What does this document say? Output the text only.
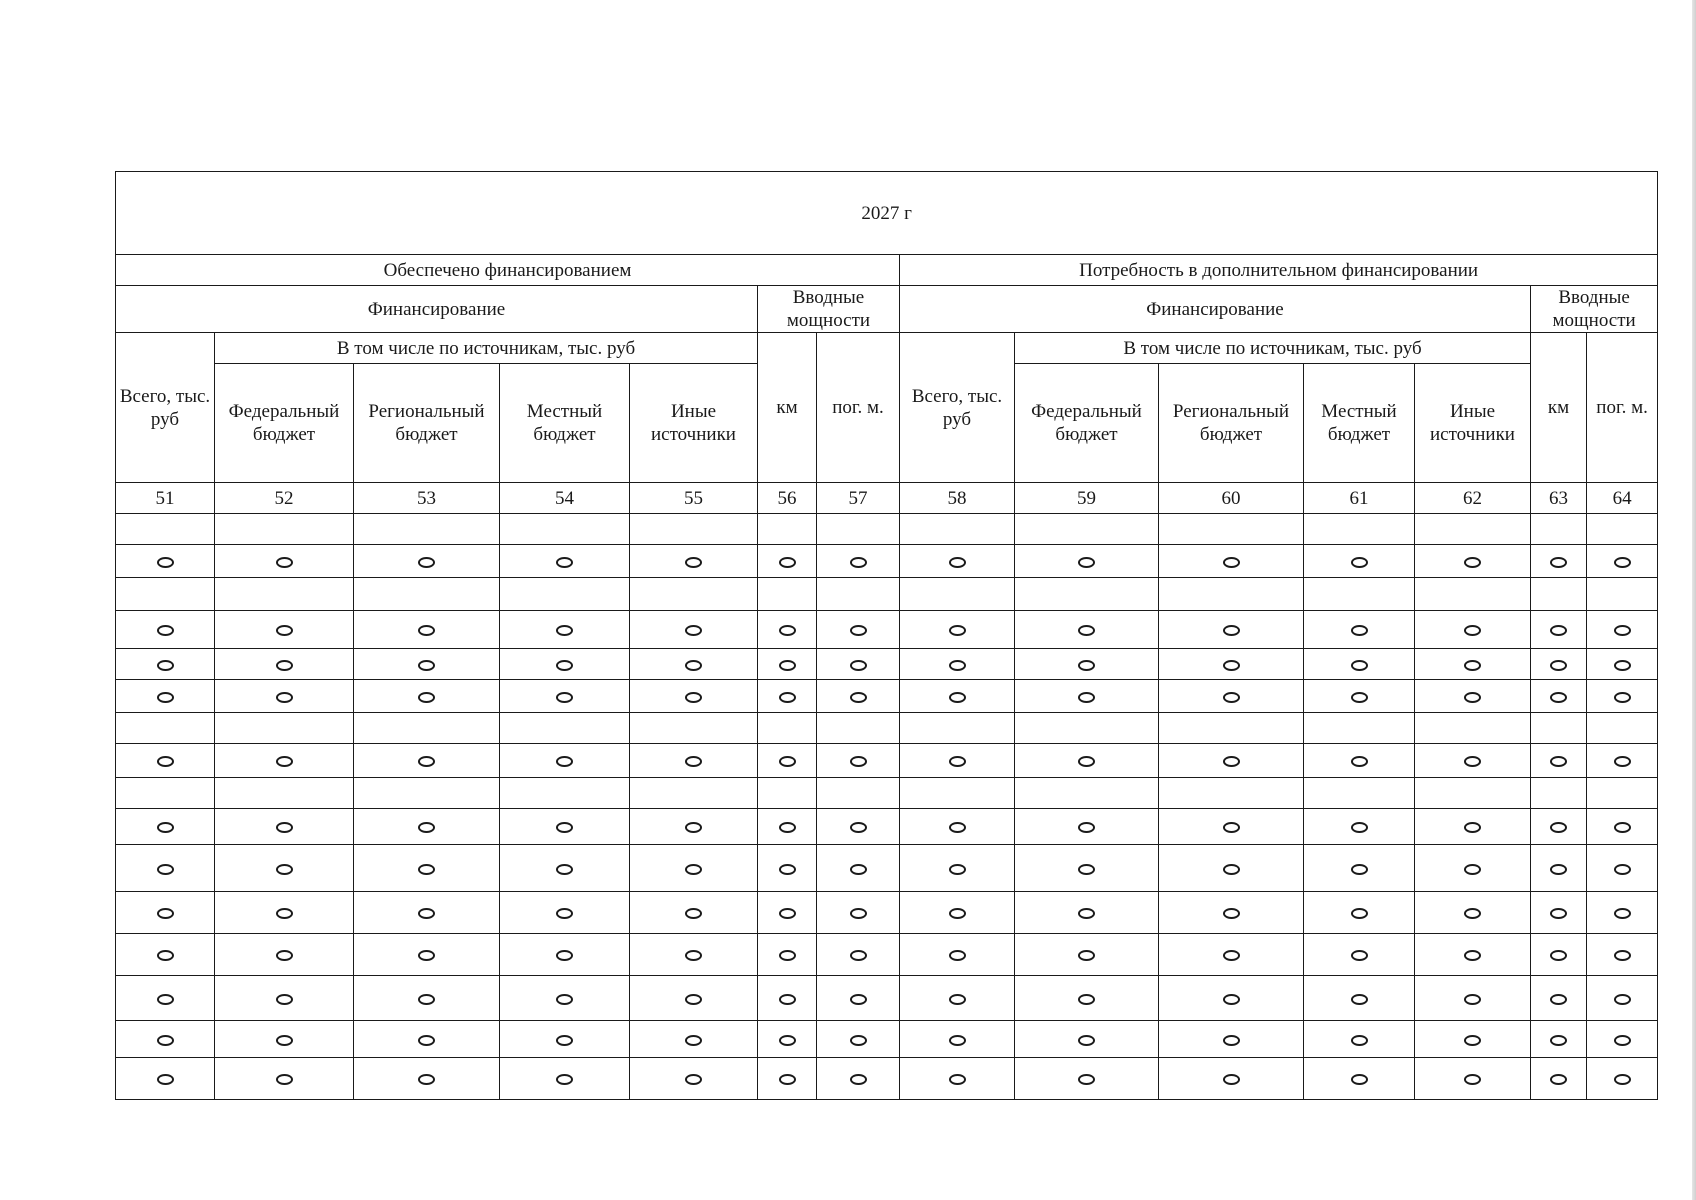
2027 г													
Обеспечено финансированием							Потребность в дополнительном финансировании						
Финансирование					Вводные мощности		Финансирование					Вводные мощности	
Всего, тыс. руб	В том числе по источникам, тыс. руб				км	пог. м.	Всего, тыс. руб	В том числе по источникам, тыс. руб				км	пог. м.
	Федеральный бюджет	Региональный бюджет	Местный бюджет	Иные источники				Федеральный бюджет	Региональный бюджет	Местный бюджет	Иные источники		
51	52	53	54	55	56	57	58	59	60	61	62	63	64
